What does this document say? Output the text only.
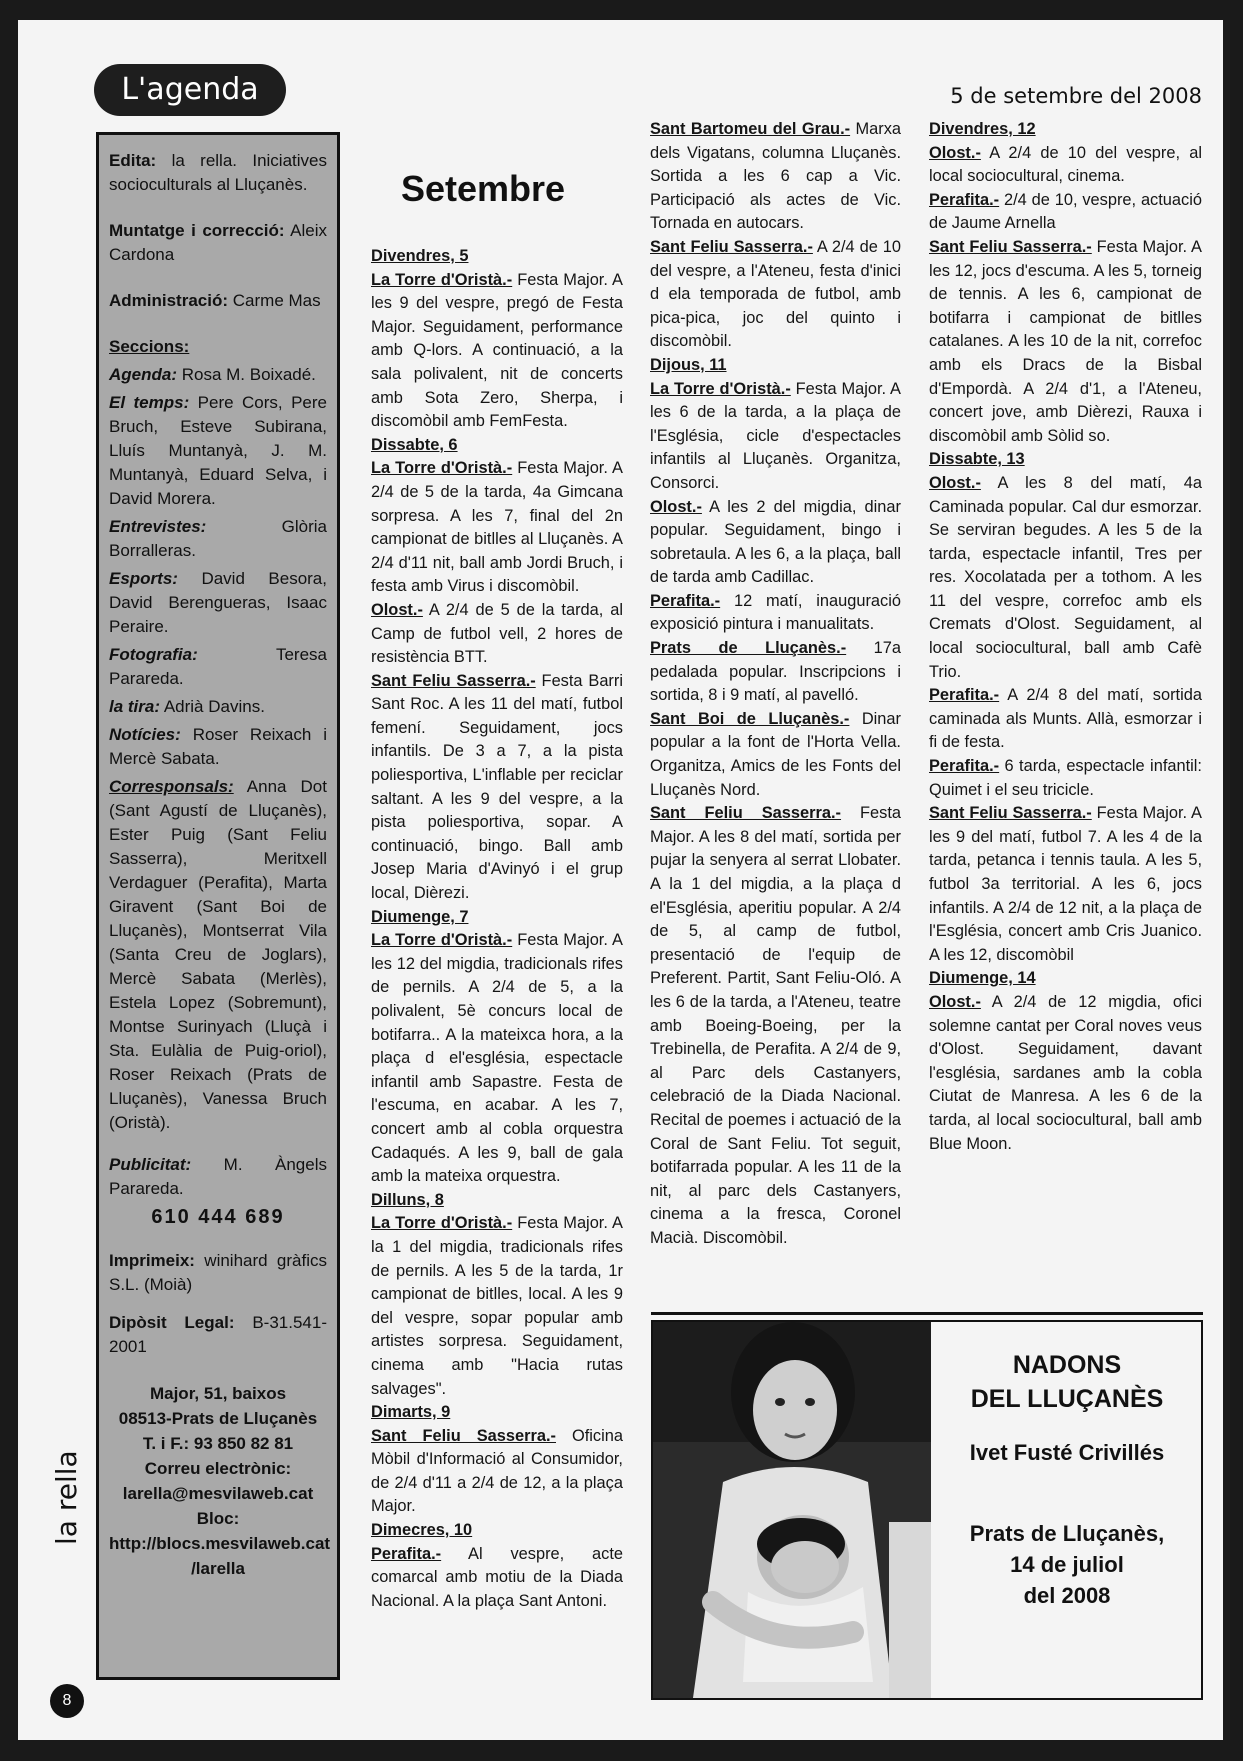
L'agenda	5 de setembre del 2008

Edita: la rella. Iniciatives socioculturals al Lluçanès.

Muntatge i correcció: Aleix Cardona

Administració: Carme Mas

Seccions:

Agenda: Rosa M. Boixadé.

El temps: Pere Cors, Pere Bruch, Esteve Subirana, Lluís Muntanyà, J. M. Muntanyà, Eduard Selva, i David Morera.

Entrevistes:	Glòria Borralleras.

Esports: David Besora, David Berengueras, Isaac Peraire.

Fotografia:	Teresa Parareda.

la tira: Adrià Davins.

Notícies: Roser Reixach i Mercè Sabata.

Corresponsals: Anna Dot (Sant Agustí de Lluçanès), Ester Puig (Sant Feliu Sasserra), Meritxell Verdaguer (Perafita), Marta Giravent (Sant Boi de Lluçanès), Montserrat Vila (Santa Creu de Joglars), Mercè Sabata (Merlès), Estela Lopez (Sobremunt), Montse Surinyach (Lluçà i Sta. Eulàlia de Puig-oriol), Roser Reixach (Prats de Lluçanès), Vanessa Bruch (Oristà).

Publicitat: M. Àngels Parareda.

610 444 689

Imprimeix: winihard gràfics S.L. (Moià)

Dipòsit Legal: B-31.541-2001

Major, 51, baixos
08513-Prats de Lluçanès
T. i F.: 93 850 82 81
Correu electrònic:
larella@mesvilaweb.cat
Bloc:
http://blocs.mesvilaweb.cat
/larella
la rella
8
Setembre

Divendres, 5

La Torre d'Oristà.- Festa Major. A les 9 del vespre, pregó de Festa Major. Seguidament, performance amb Q-lors. A continuació, a la sala polivalent, nit de concerts amb Sota Zero, Sherpa, i discomòbil amb FemFesta.

Dissabte, 6

La Torre d'Oristà.- Festa Major. A 2/4 de 5 de la tarda, 4a Gimcana sorpresa. A les 7, final del 2n campionat de bitlles al Lluçanès. A 2/4 d'11 nit, ball amb Jordi Bruch, i festa amb Virus i discomòbil.

Olost.- A 2/4 de 5 de la tarda, al Camp de futbol vell, 2 hores de resistència BTT.

Sant Feliu Sasserra.- Festa Barri Sant Roc. A les 11 del matí, futbol femení. Seguidament, jocs infantils. De 3 a 7, a la pista poliesportiva, L'inflable per reciclar saltant. A les 9 del vespre, a la pista poliesportiva, sopar. A continuació, bingo. Ball amb Josep Maria d'Avinyó i el grup local, Dièrezi.

Diumenge, 7

La Torre d'Oristà.- Festa Major. A les 12 del migdia, tradicionals rifes de pernils. A 2/4 de 5, a la polivalent, 5è concurs local de botifarra.. A la mateixca hora, a la plaça d el'església, espectacle infantil amb Sapastre. Festa de l'escuma, en acabar. A les 7, concert amb al cobla orquestra Cadaqués. A les 9, ball de gala amb la mateixa orquestra.

Dilluns, 8

La Torre d'Oristà.- Festa Major. A la 1 del migdia, tradicionals rifes de pernils. A les 5 de la tarda, 1r campionat de bitlles, local. A les 9 del vespre, sopar popular amb artistes sorpresa. Seguidament, cinema amb "Hacia rutas salvages".

Dimarts, 9

Sant Feliu Sasserra.- Oficina Mòbil d'Informació al Consumidor, de 2/4 d'11 a 2/4 de 12, a la plaça Major.

Dimecres, 10

Perafita.- Al vespre, acte comarcal amb motiu de la Diada Nacional. A la plaça Sant Antoni.

Sant Bartomeu del Grau.- Marxa dels Vigatans, columna Lluçanès. Sortida a les 6 cap a Vic. Participació als actes de Vic. Tornada en autocars.

Sant Feliu Sasserra.- A 2/4 de 10 del vespre, a l'Ateneu, festa d'inici d ela temporada de futbol, amb pica-pica, joc del quinto i discomòbil.

Dijous, 11

La Torre d'Oristà.- Festa Major. A les 6 de la tarda, a la plaça de l'Església, cicle d'espectacles infantils al Lluçanès. Organitza, Consorci.

Olost.- A les 2 del migdia, dinar popular. Seguidament, bingo i sobretaula. A les 6, a la plaça, ball de tarda amb Cadillac.

Perafita.- 12 matí, inauguració exposició pintura i manualitats.

Prats de Lluçanès.- 17a pedalada popular. Inscripcions i sortida, 8 i 9 matí, al pavelló.

Sant Boi de Lluçanès.- Dinar popular a la font de l'Horta Vella. Organitza, Amics de les Fonts del Lluçanès Nord.

Sant Feliu Sasserra.- Festa Major. A les 8 del matí, sortida per pujar la senyera al serrat Llobater. A la 1 del migdia, a la plaça d el'Església, aperitiu popular. A 2/4 de 5, al camp de futbol, presentació de l'equip de Preferent. Partit, Sant Feliu-Oló. A les 6 de la tarda, a l'Ateneu, teatre amb Boeing-Boeing, per la Trebinella, de Perafita. A 2/4 de 9, al Parc dels Castanyers, celebració de la Diada Nacional. Recital de poemes i actuació de la Coral de Sant Feliu. Tot seguit, botifarrada popular. A les 11 de la nit, al parc dels Castanyers, cinema a la fresca, Coronel Macià. Discomòbil.

Divendres, 12

Olost.- A 2/4 de 10 del vespre, al local sociocultural, cinema.

Perafita.- 2/4 de 10, vespre, actuació de Jaume Arnella

Sant Feliu Sasserra.- Festa Major. A les 12, jocs d'escuma. A les 5, torneig de tennis. A les 6, campionat de botifarra i campionat de bitlles catalanes. A les 10 de la nit, correfoc amb els Dracs de la Bisbal d'Empordà. A 2/4 d'1, a l'Ateneu, concert jove, amb Dièrezi, Rauxa i discomòbil amb Sòlid so.

Dissabte, 13

Olost.- A les 8 del matí, 4a Caminada popular. Cal dur esmorzar. Se serviran begudes. A les 5 de la tarda, espectacle infantil, Tres per res. Xocolatada per a tothom. A les 11 del vespre, correfoc amb els Cremats d'Olost. Seguidament, al local sociocultural, ball amb Cafè Trio.

Perafita.- A 2/4 8 del matí, sortida caminada als Munts. Allà, esmorzar i fi de festa.

Perafita.- 6 tarda, espectacle infantil: Quimet i el seu tricicle.

Sant Feliu Sasserra.- Festa Major. A les 9 del matí, futbol 7. A les 4 de la tarda, petanca i tennis taula. A les 5, futbol 3a territorial. A les 6, jocs infantils. A 2/4 de 12 nit, a la plaça de l'Església, concert amb Cris Juanico. A les 12, discomòbil

Diumenge, 14

Olost.- A 2/4 de 12 migdia, ofici solemne cantat per Coral noves veus d'Olost. Seguidament, davant l'església, sardanes amb la cobla Ciutat de Manresa. A les 6 de la tarda, al local sociocultural, ball amb Blue Moon.

NADONS
DEL LLUÇANÈS
Ivet Fusté Crivillés
Prats de Lluçanès,
14 de juliol
del 2008
